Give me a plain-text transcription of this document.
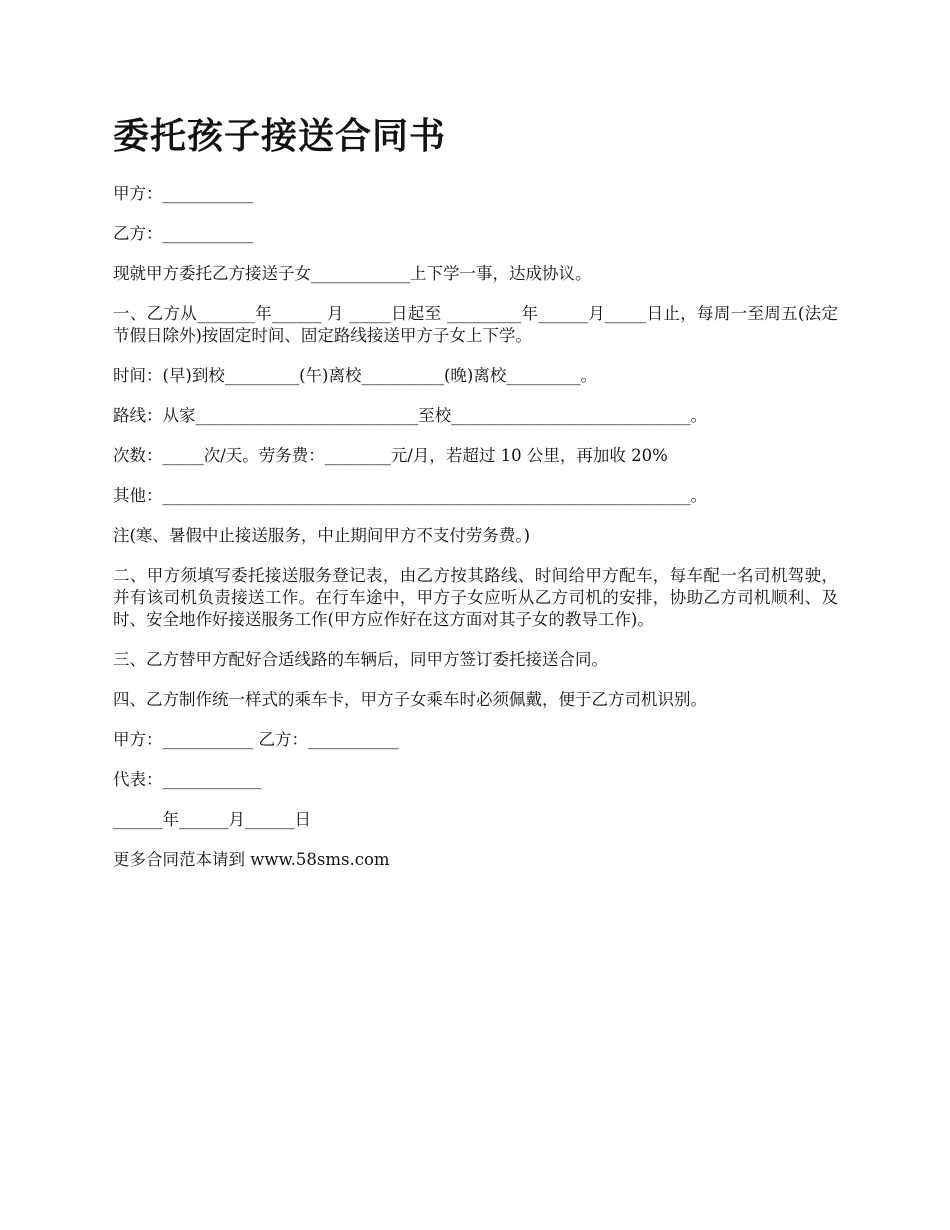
委托孩子接送合同书

甲方：___________

乙方：___________

现就甲方委托乙方接送子女____________上下学一事，达成协议。

一、乙方从_______年______ 月 _____日起至 _________年______月_____日止，每周一至周五(法定节假日除外)按固定时间、固定路线接送甲方子女上下学。

时间：(早)到校_________(午)离校__________(晚)离校_________。

路线：从家___________________________至校_____________________________。

次数：_____次/天。劳务费：________元/月，若超过 10 公里，再加收 20%

其他：________________________________________________________________。

注(寒、暑假中止接送服务，中止期间甲方不支付劳务费。)

二、甲方须填写委托接送服务登记表，由乙方按其路线、时间给甲方配车，每车配一名司机驾驶，并有该司机负责接送工作。在行车途中，甲方子女应听从乙方司机的安排，协助乙方司机顺利、及时、安全地作好接送服务工作(甲方应作好在这方面对其子女的教导工作)。

三、乙方替甲方配好合适线路的车辆后，同甲方签订委托接送合同。

四、乙方制作统一样式的乘车卡，甲方子女乘车时必须佩戴，便于乙方司机识别。

甲方：___________ 乙方：___________

代表：____________

______年______月______日

更多合同范本请到 www.58sms.com
